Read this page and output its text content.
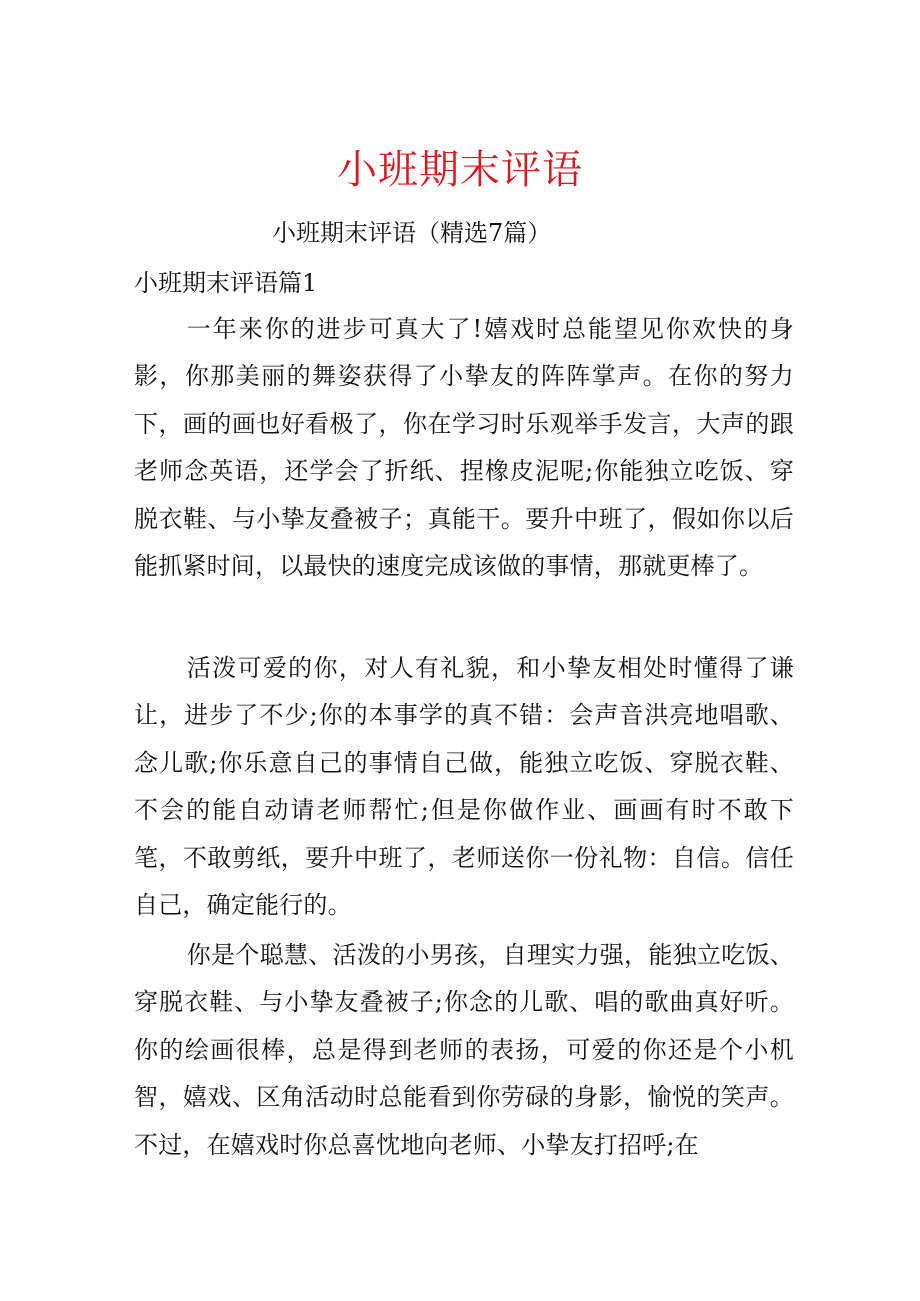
小班期末评语
小班期末评语（精选7篇）
小班期末评语篇1

一年来你的进步可真大了!嬉戏时总能望见你欢快的身影，你那美丽的舞姿获得了小挚友的阵阵掌声。在你的努力下，画的画也好看极了，你在学习时乐观举手发言，大声的跟老师念英语，还学会了折纸、捏橡皮泥呢;你能独立吃饭、穿脱衣鞋、与小挚友叠被子；真能干。要升中班了，假如你以后能抓紧时间，以最快的速度完成该做的事情，那就更棒了。

活泼可爱的你，对人有礼貌，和小挚友相处时懂得了谦让，进步了不少;你的本事学的真不错：会声音洪亮地唱歌、念儿歌;你乐意自己的事情自己做，能独立吃饭、穿脱衣鞋、不会的能自动请老师帮忙;但是你做作业、画画有时不敢下笔，不敢剪纸，要升中班了，老师送你一份礼物：自信。信任自己，确定能行的。

你是个聪慧、活泼的小男孩，自理实力强，能独立吃饭、穿脱衣鞋、与小挚友叠被子;你念的儿歌、唱的歌曲真好听。你的绘画很棒，总是得到老师的表扬，可爱的你还是个小机智，嬉戏、区角活动时总能看到你劳碌的身影，愉悦的笑声。不过，在嬉戏时你总喜忱地向老师、小挚友打招呼;在
